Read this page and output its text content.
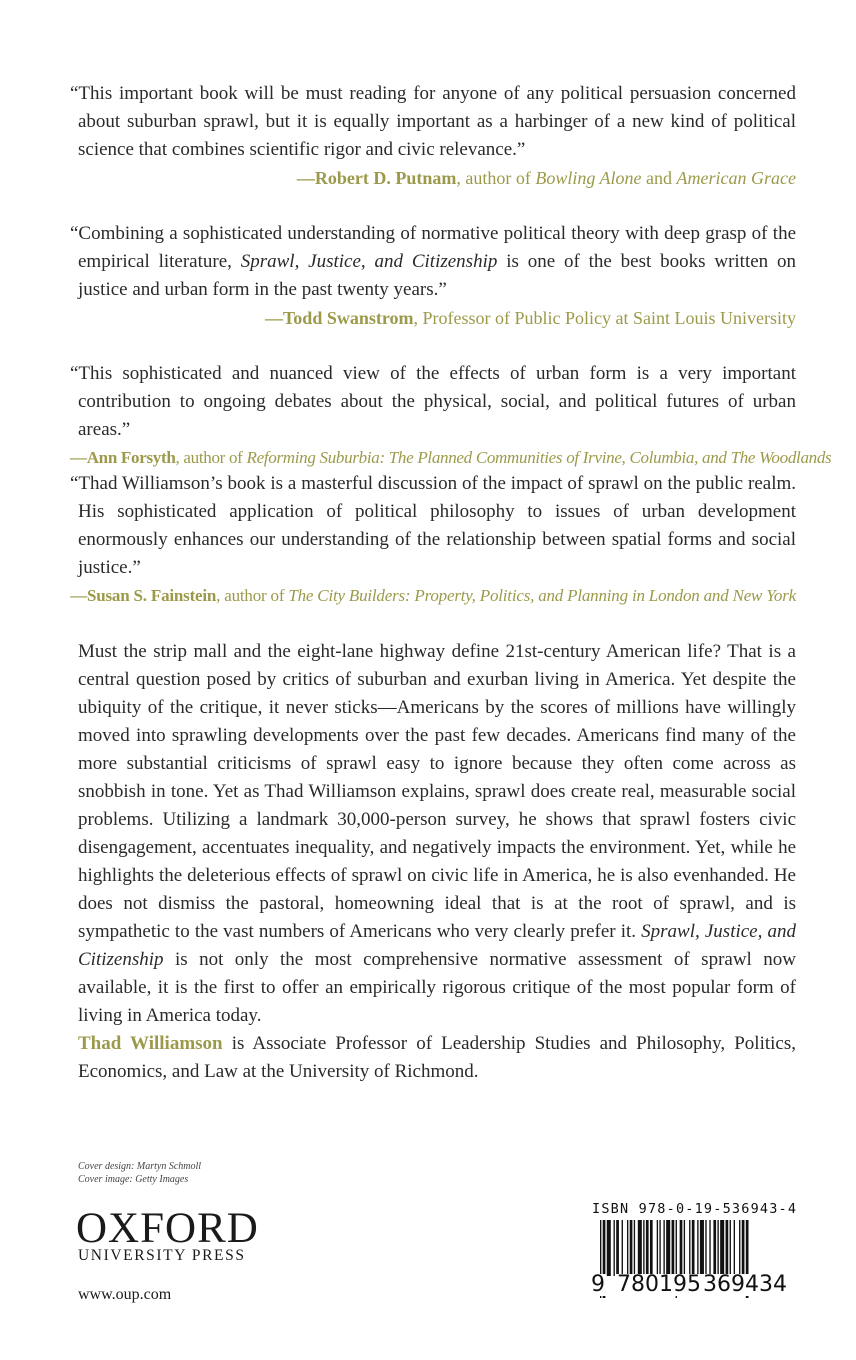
“This important book will be must reading for anyone of any political persuasion concerned about suburban sprawl, but it is equally important as a harbinger of a new kind of political science that combines scientific rigor and civic relevance.”

—Robert D. Putnam, author of Bowling Alone and American Grace

“Combining a sophisticated understanding of normative political theory with deep grasp of the empirical literature, Sprawl, Justice, and Citizenship is one of the best books written on justice and urban form in the past twenty years.”

—Todd Swanstrom, Professor of Public Policy at Saint Louis University

“This sophisticated and nuanced view of the effects of urban form is a very important contribution to ongoing debates about the physical, social, and political futures of urban areas.”

—Ann Forsyth, author of Reforming Suburbia: The Planned Communities of Irvine, Columbia, and The Woodlands

“Thad Williamson’s book is a masterful discussion of the impact of sprawl on the public realm. His sophisticated application of political philosophy to issues of urban development enormously enhances our understanding of the relationship between spatial forms and social justice.”

—Susan S. Fainstein, author of The City Builders: Property, Politics, and Planning in London and New York

Must the strip mall and the eight-lane highway define 21st-century American life? That is a central question posed by critics of suburban and exurban living in America. Yet despite the ubiquity of the critique, it never sticks—Americans by the scores of millions have willingly moved into sprawling developments over the past few decades. Americans find many of the more substantial criticisms of sprawl easy to ignore because they often come across as snobbish in tone. Yet as Thad Williamson explains, sprawl does create real, measurable social problems. Utilizing a landmark 30,000-person survey, he shows that sprawl fosters civic disengagement, accentuates inequality, and negatively impacts the environment. Yet, while he highlights the deleterious effects of sprawl on civic life in America, he is also evenhanded. He does not dismiss the pastoral, homeowning ideal that is at the root of sprawl, and is sympathetic to the vast numbers of Americans who very clearly prefer it. Sprawl, Justice, and Citizenship is not only the most comprehensive normative assessment of sprawl now available, it is the first to offer an empirically rigorous critique of the most popular form of living in America today.

Thad Williamson is Associate Professor of Leadership Studies and Philosophy, Politics, Economics, and Law at the University of Richmond.

Cover design: Martyn Schmoll
Cover image: Getty Images
OXFORD
UNIVERSITY PRESS
www.oup.com
ISBN 978-0-19-536943-4
9 780195 369434
